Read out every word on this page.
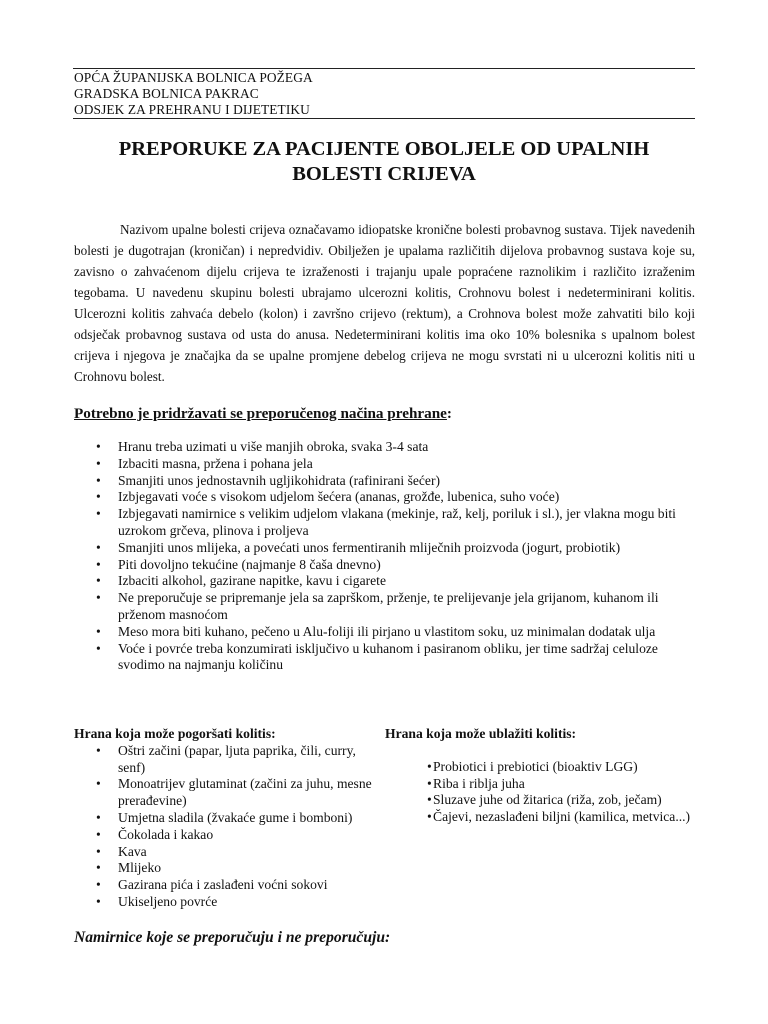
OPĆA ŽUPANIJSKA BOLNICA POŽEGA
GRADSKA BOLNICA PAKRAC
ODSJEK ZA PREHRANU I DIJETETIKU
PREPORUKE ZA PACIJENTE OBOLJELE OD UPALNIH
BOLESTI CRIJEVA

Nazivom upalne bolesti crijeva označavamo idiopatske kronične bolesti probavnog sustava. Tijek navedenih bolesti je dugotrajan (kroničan) i nepredvidiv. Obilježen je upalama različitih dijelova probavnog sustava koje su, zavisno o zahvaćenom dijelu crijeva te izraženosti i trajanju upale popraćene raznolikim i različito izraženim tegobama. U navedenu skupinu bolesti ubrajamo ulcerozni kolitis, Crohnovu bolest i nedeterminirani kolitis. Ulcerozni kolitis zahvaća debelo (kolon) i završno crijevo (rektum), a Crohnova bolest može zahvatiti bilo koji odsječak probavnog sustava od usta do anusa. Nedeterminirani kolitis ima oko 10% bolesnika s upalnom bolest crijeva i njegova je značajka da se upalne promjene debelog crijeva ne mogu svrstati ni u ulcerozni kolitis niti u Crohnovu bolest.

Potrebno je pridržavati se preporučenog načina prehrane:
• Hranu treba uzimati u više manjih obroka, svaka 3-4 sata
• Izbaciti masna, pržena i pohana jela
• Smanjiti unos jednostavnih ugljikohidrata (rafinirani šećer)
• Izbjegavati voće s visokom udjelom šećera (ananas, grožđe, lubenica, suho voće)
• Izbjegavati namirnice s velikim udjelom vlakana (mekinje, raž, kelj, poriluk i sl.), jer vlakna mogu biti uzrokom grčeva, plinova i proljeva
• Smanjiti unos mlijeka, a povećati unos fermentiranih mliječnih proizvoda (jogurt, probiotik)
• Piti dovoljno tekućine (najmanje 8 čaša dnevno)
• Izbaciti alkohol, gazirane napitke, kavu i cigarete
• Ne preporučuje se pripremanje jela sa zaprškom, prženje, te prelijevanje jela grijanom, kuhanom ili prženom masnoćom
• Meso mora biti kuhano, pečeno u Alu-foliji ili pirjano u vlastitom soku, uz minimalan dodatak ulja
• Voće i povrće treba konzumirati isključivo u kuhanom i pasiranom obliku, jer time sadržaj celuloze svodimo na najmanju količinu
Hrana koja može pogoršati kolitis:
• Oštri začini (papar, ljuta paprika, čili, curry, senf)
• Monoatrijev glutaminat (začini za juhu, mesne prerađevine)
• Umjetna sladila (žvakaće gume i bomboni)
• Čokolada i kakao
• Kava
• Mlijeko
• Gazirana pića i zaslađeni voćni sokovi
• Ukiseljeno povrće
Hrana koja može ublažiti kolitis:
• Probiotici i prebiotici (bioaktiv LGG)
• Riba i riblja juha
• Sluzave juhe od žitarica (riža, zob, ječam)
• Čajevi, nezaslađeni biljni (kamilica, metvica...)
Namirnice koje se preporučuju i ne preporučuju:
